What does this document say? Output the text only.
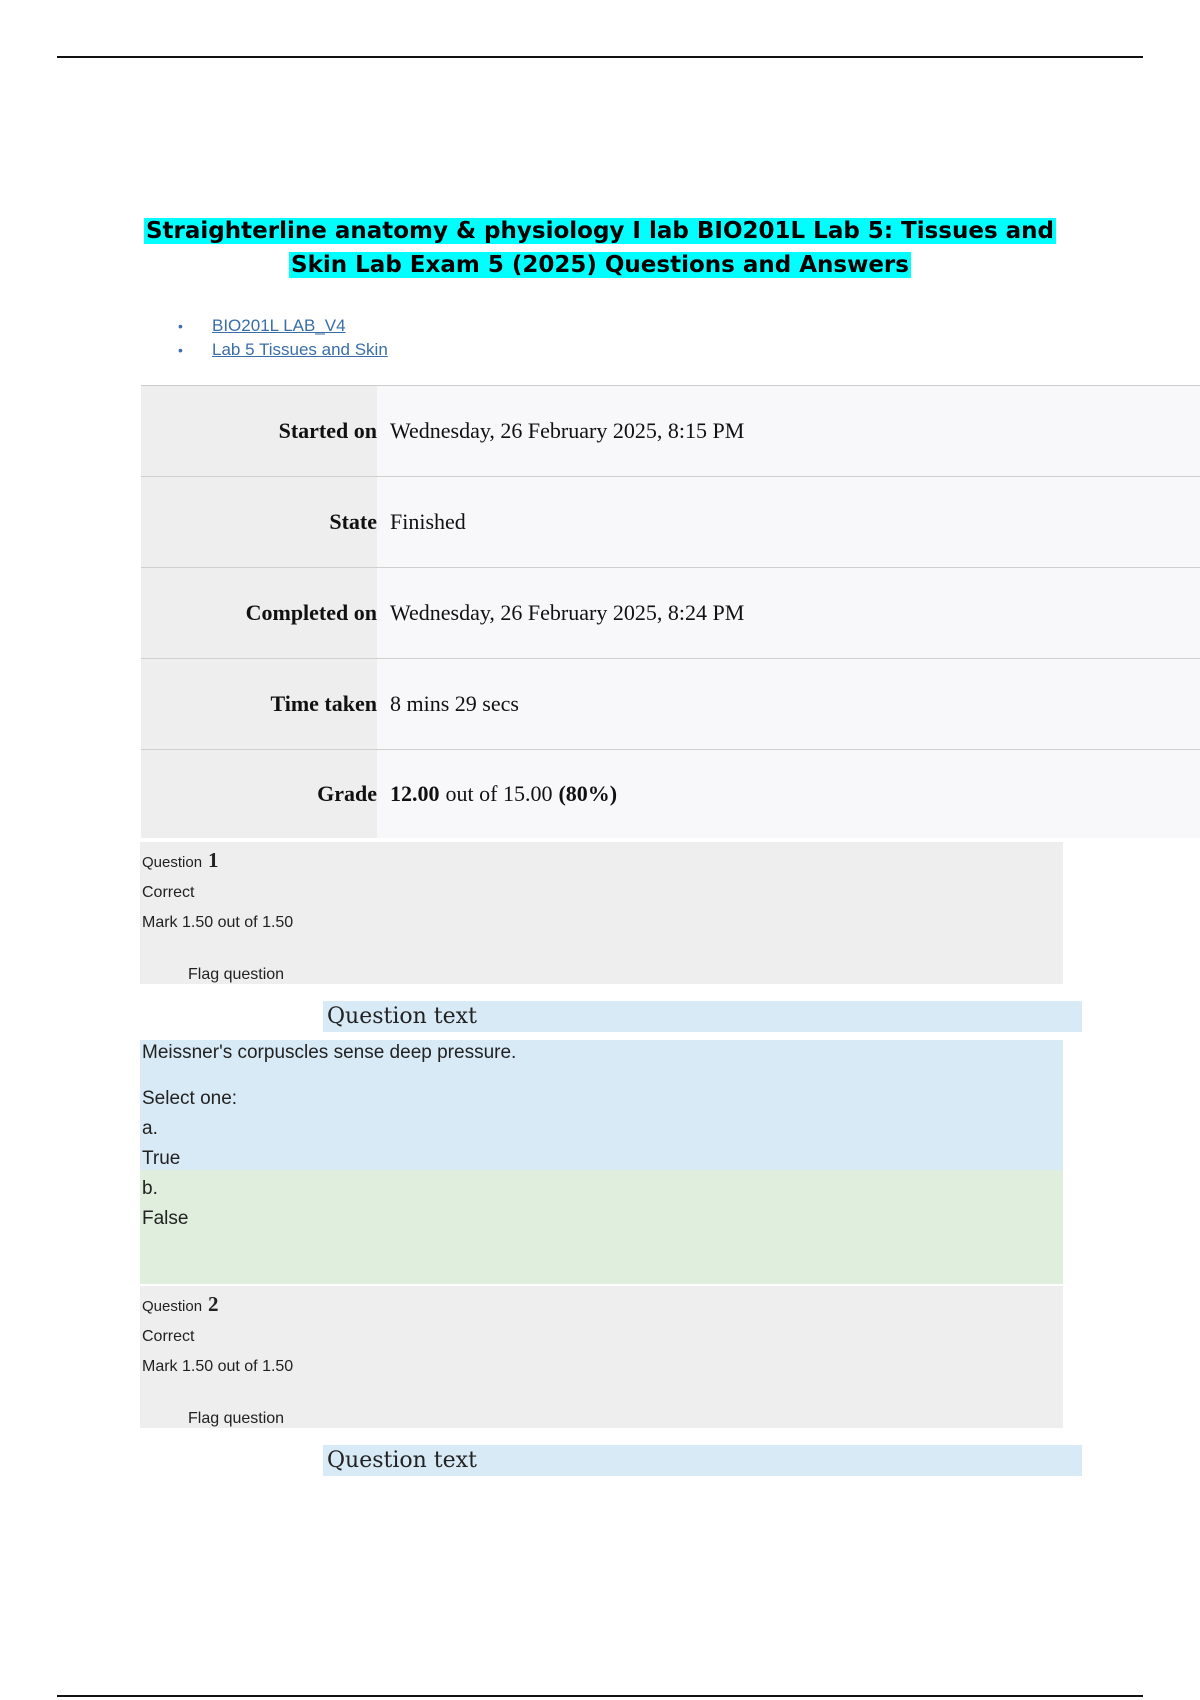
Straighterline anatomy & physiology I lab BIO201L Lab 5: Tissues and
Skin Lab Exam 5 (2025) Questions and Answers
• BIO201L LAB_V4
• Lab 5 Tissues and Skin
Started on Wednesday, 26 February 2025, 8:15 PM
State Finished
Completed on Wednesday, 26 February 2025, 8:24 PM
Time taken 8 mins 29 secs
Grade 12.00 out of 15.00 (80%)
Question 1
Correct
Mark 1.50 out of 1.50
Flag question
Question text

Meissner's corpuscles sense deep pressure.

Select one:

a.

True

b.

False

Question 2
Correct
Mark 1.50 out of 1.50
Flag question
Question text
